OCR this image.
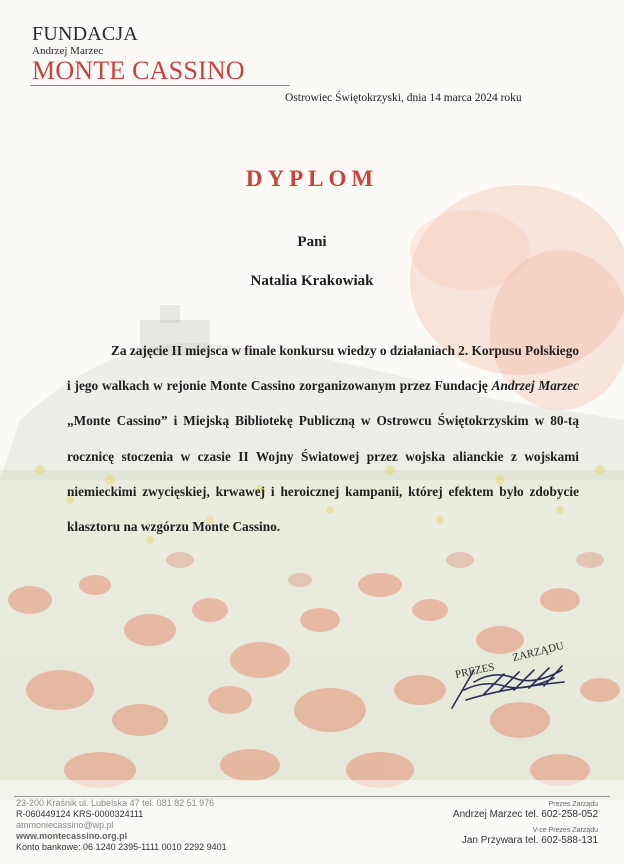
FUNDACJA
Andrzej Marzec
MONTE CASSINO
Ostrowiec Świętokrzyski, dnia 14 marca 2024 roku
DYPLOM
Pani
Natalia Krakowiak
Za zajęcie II miejsca w finale konkursu wiedzy o działaniach 2. Korpusu Polskiego i jego walkach w rejonie Monte Cassino zorganizowanym przez Fundację Andrzej Marzec „Monte Cassino” i Miejską Bibliotekę Publiczną w Ostrowcu Świętokrzyskim w 80-tą rocznicę stoczenia w czasie II Wojny Światowej przez wojska alianckie z wojskami niemieckimi zwycięskiej, krwawej i heroicznej kampanii, której efektem było zdobycie klasztoru na wzgórzu Monte Cassino.
PREZES
ZARZĄDU
23-200 Kraśnik ul. Lubelska 47 tel. 081 82 51 976
R-060449124 KRS-0000324111
ammoniecassino@wp.pl
www.montecassino.org.pl
Konto bankowe: 06 1240 2395-1111 0010 2292 9401
Prezes Zarządu
Andrzej Marzec tel. 602-258-052
V-ce Prezes Zarządu
Jan Przywara tel. 602-588-131
